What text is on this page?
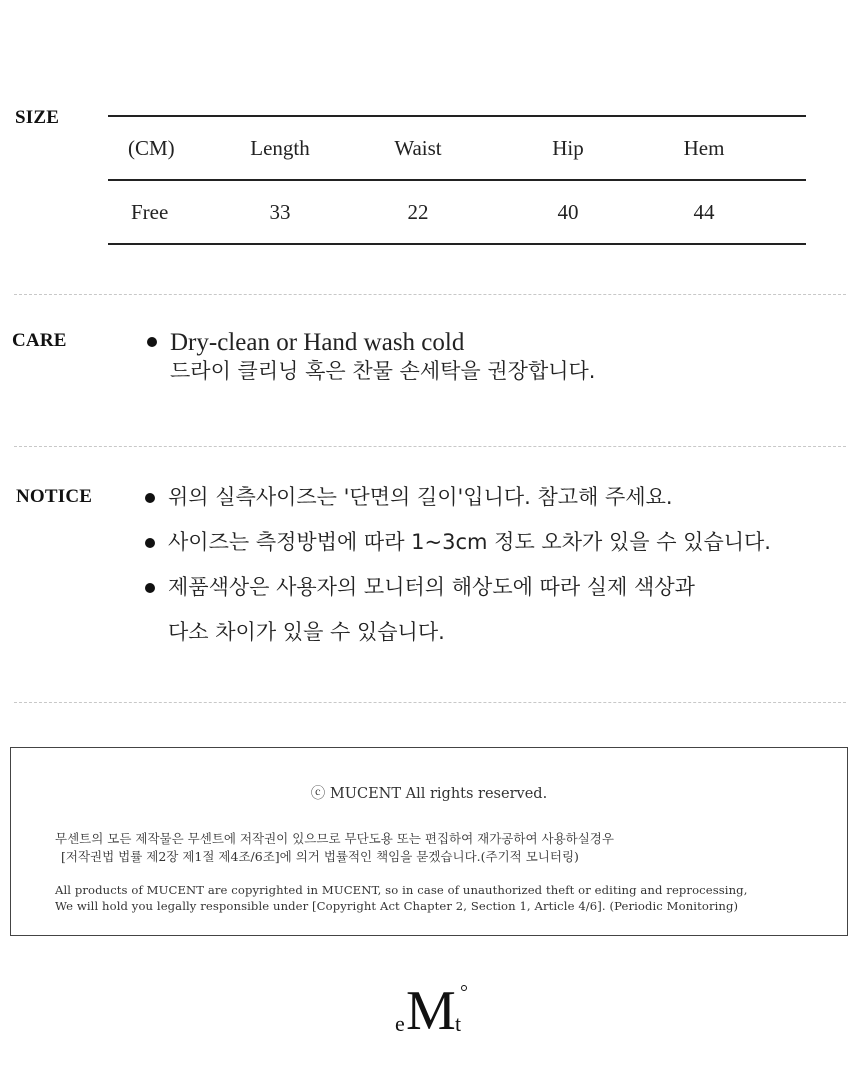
SIZE
(CM)	Length	Waist	Hip	Hem
Free	33	22	40	44
CARE	Dry-clean or Hand wash cold
드라이 클리닝 혹은 찬물 손세탁을 권장합니다.
NOTICE	위의 실측사이즈는 '단면의 길이'입니다. 참고해 주세요.
사이즈는 측정방법에 따라 1~3cm 정도 오차가 있을 수 있습니다.
제품색상은 사용자의 모니터의 해상도에 따라 실제 색상과
다소 차이가 있을 수 있습니다.
ⓒ MUCENT All rights reserved.
무센트의 모든 제작물은 무센트에 저작권이 있으므로 무단도용 또는 편집하여 재가공하여 사용하실경우
[저작권법 법률 제2장 제1절 제4조/6조]에 의거 법률적인 책임을 묻겠습니다.(주기적 모니터링)
All products of MUCENT are copyrighted in MUCENT, so in case of unauthorized theft or editing and reprocessing,
We will hold you legally responsible under [Copyright Act Chapter 2, Section 1, Article 4/6]. (Periodic Monitoring)
e M t
